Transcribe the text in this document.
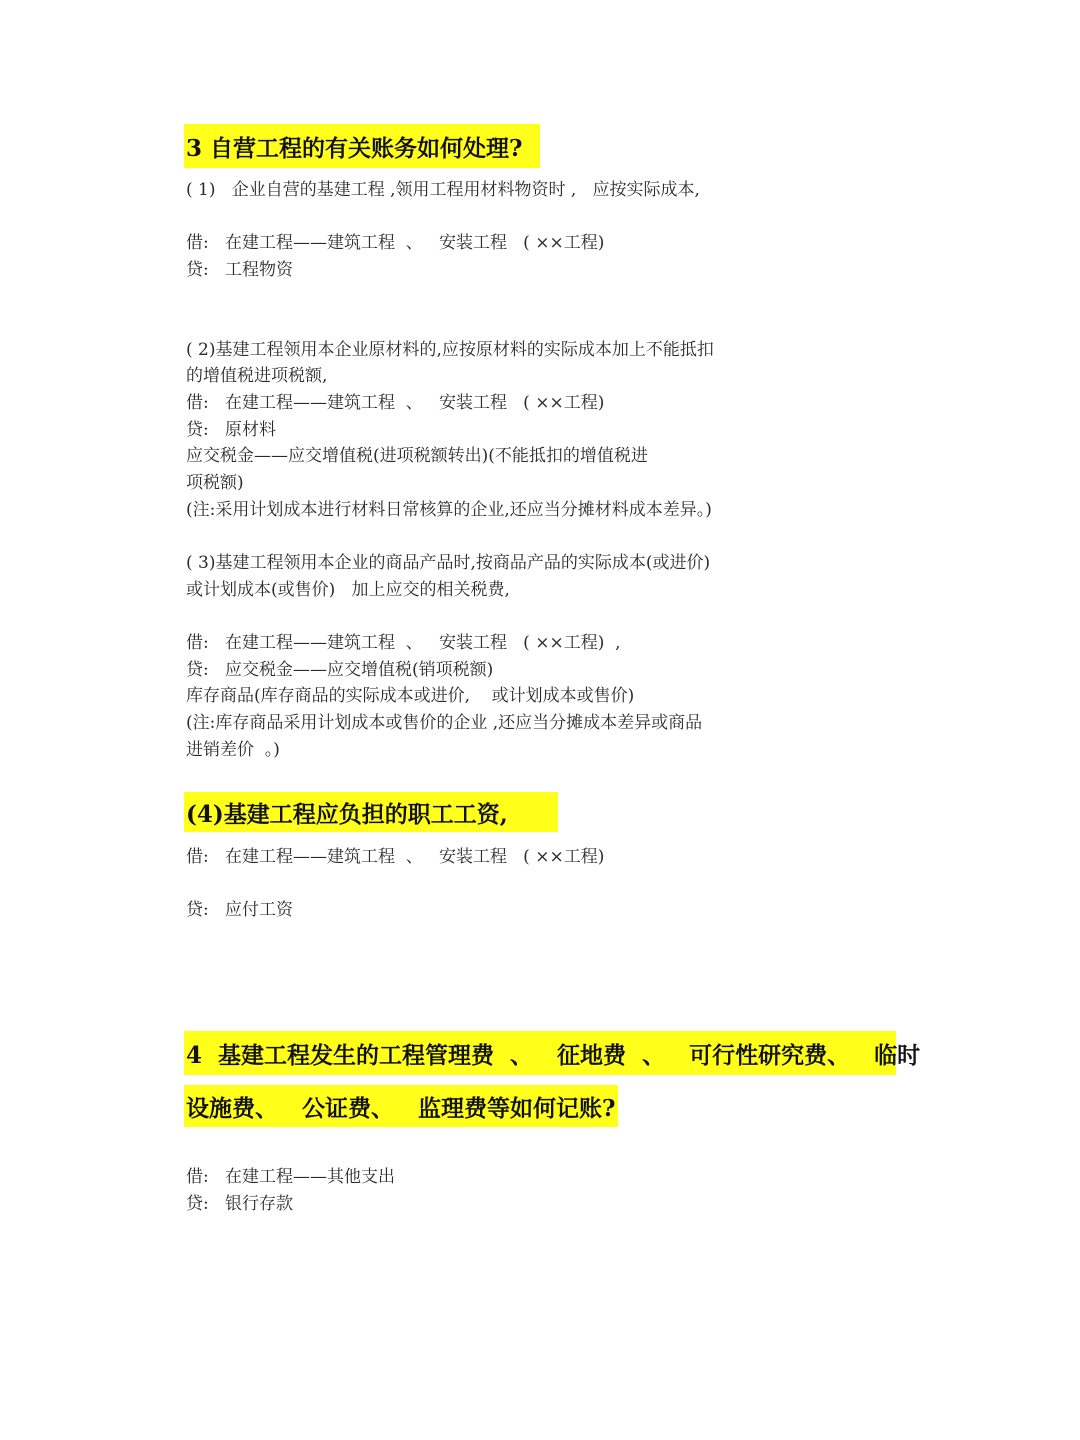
3 自营工程的有关账务如何处理?
( 1)   企业自营的基建工程 ,领用工程用材料物资时 ,   应按实际成本,
借:   在建工程——建筑工程  、   安装工程   ( ××工程)
贷:   工程物资
( 2)基建工程领用本企业原材料的,应按原材料的实际成本加上不能抵扣
的增值税进项税额,
借:   在建工程——建筑工程  、   安装工程   ( ××工程)
贷:   原材料
应交税金——应交增值税(进项税额转出)(不能抵扣的增值税进
项税额)
(注:采用计划成本进行材料日常核算的企业,还应当分摊材料成本差异。)
( 3)基建工程领用本企业的商品产品时,按商品产品的实际成本(或进价)
或计划成本(或售价)   加上应交的相关税费,
借:   在建工程——建筑工程  、   安装工程   ( ××工程)  ,
贷:   应交税金——应交增值税(销项税额)
库存商品(库存商品的实际成本或进价,    或计划成本或售价)
(注:库存商品采用计划成本或售价的企业 ,还应当分摊成本差异或商品
进销差价  。)
(4)基建工程应负担的职工工资,
借:   在建工程——建筑工程  、   安装工程   ( ××工程)
贷:   应付工资
4  基建工程发生的工程管理费  、   征地费  、   可行性研究费、   临时
设施费、   公证费、   监理费等如何记账?
借:   在建工程——其他支出
贷:   银行存款
